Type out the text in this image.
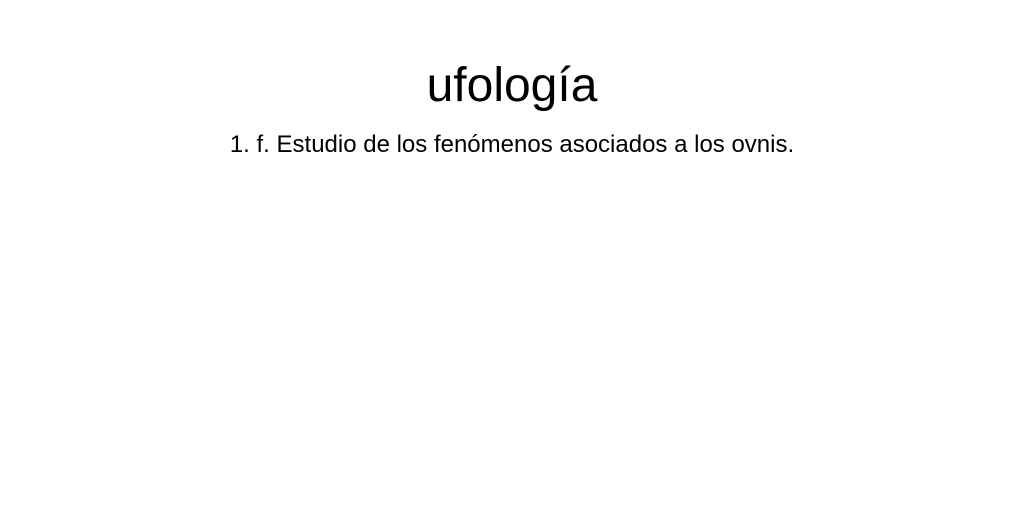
ufología

1. f. Estudio de los fenómenos asociados a los ovnis.
